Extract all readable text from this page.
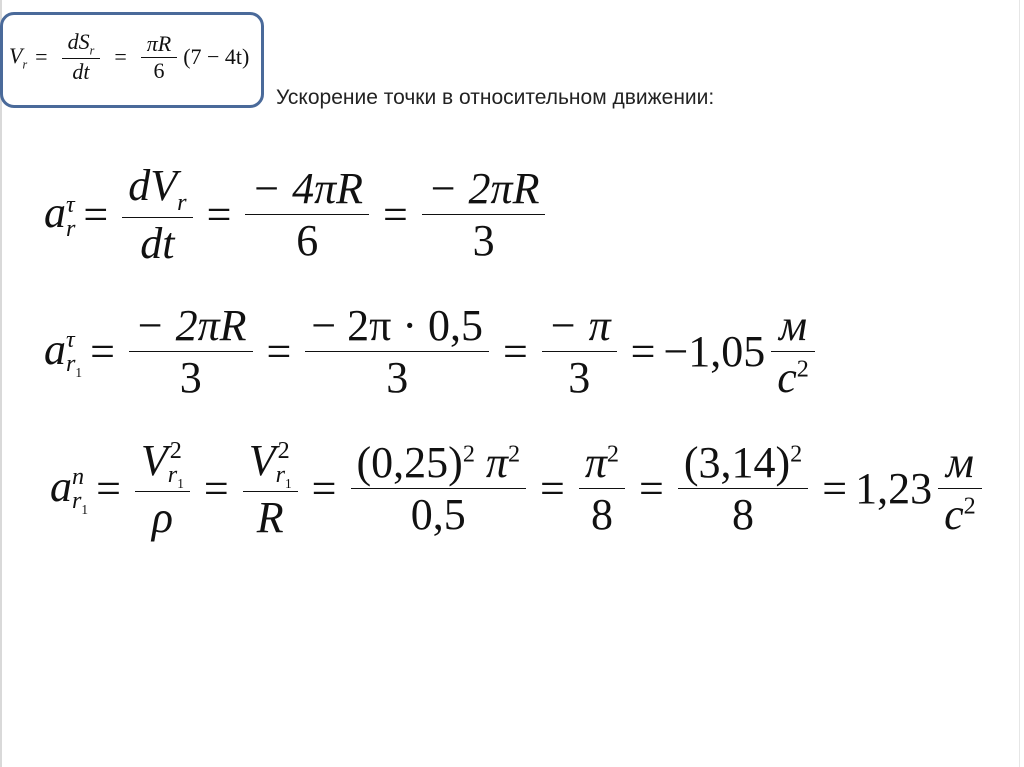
$V_r = \frac{dS_r}{dt} = \frac{\pi R}{6} (7 - 4t)$
Ускорение точки в относительном движении:
a τ
$r = \frac{dV_r}{dt} = \frac{- 4\pi R}{6} = \frac{- 2\pi R}{3}$
a τ
$r_1 = \frac{- 2\pi R}{3} = \frac{- 2\pi \cdot 0,5}{3} = \frac{- \pi}{3} = -1,05 \frac{м}{с^2}$
a n
$r_1 = V$ 2
$r_1$
ρ = V 2
$r_1$
$R = \frac{(0,25)^2 \pi^2}{0,5} = \frac{\pi^2}{8} = \frac{(3,14)^2}{8} = 1,23 \frac{м}{с^2}$
